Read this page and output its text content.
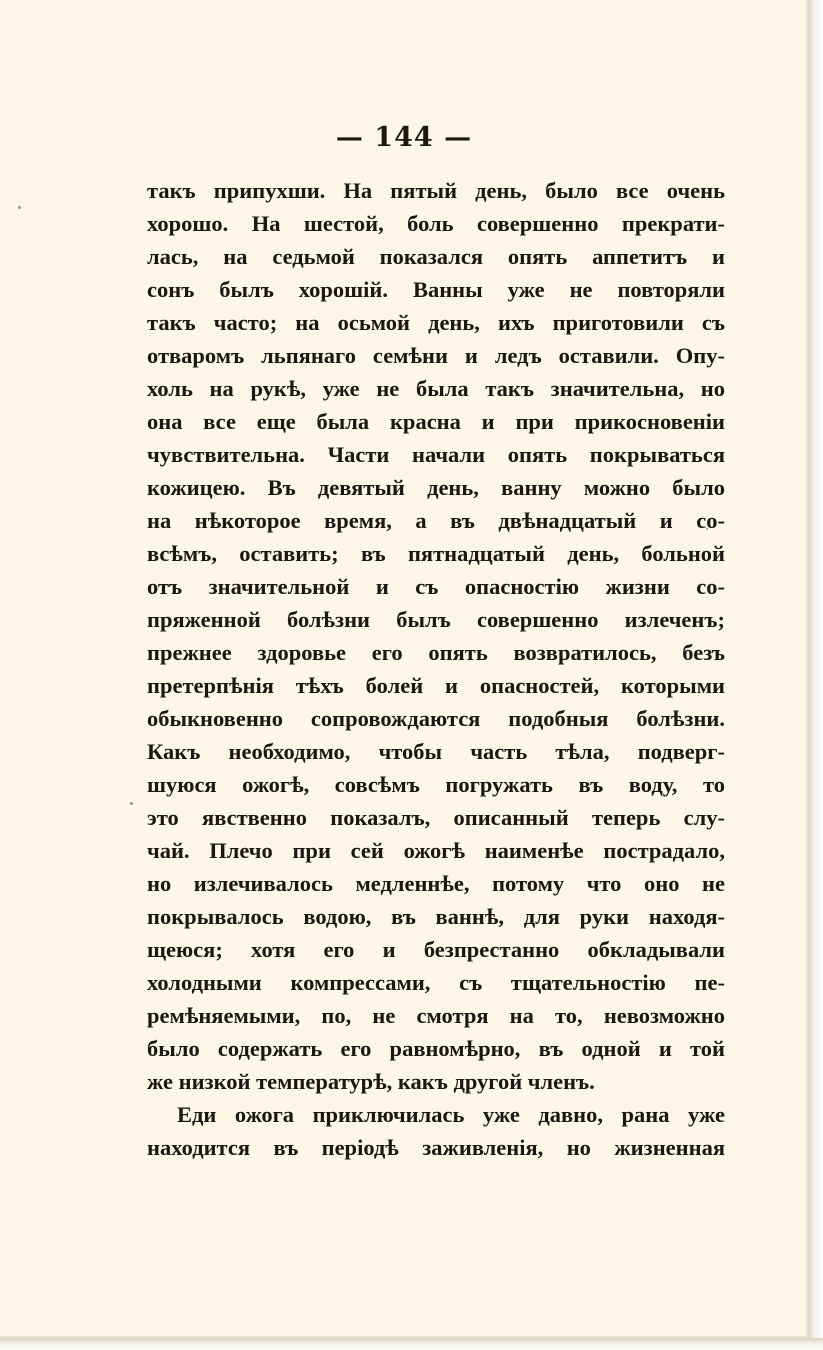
— 144 —
такъ припухши. На пятый день, было все очень
хорошо. На шестой, боль совершенно прекрати-
лась, на седьмой показался опять аппетитъ и
сонъ былъ хорошій. Ванны уже не повторяли
такъ часто; на осьмой день, ихъ приготовили съ
отваромъ льпянаго семѣни и ледъ оставили. Опу-
холь на рукѣ, уже не была такъ значительна, но
она все еще была красна и при прикосновеніи
чувствительна. Части начали опять покрываться
кожицею. Въ девятый день, ванну можно было
на нѣкоторое время, а въ двѣнадцатый и со-
всѣмъ, оставить; въ пятнадцатый день, больной
отъ значительной и съ опасностію жизни со-
пряженной болѣзни былъ совершенно излеченъ;
прежнее здоровье его опять возвратилось, безъ
претерпѣнія тѣхъ болей и опасностей, которыми
обыкновенно сопровождаются подобныя болѣзни.
Какъ необходимо, чтобы часть тѣла, подверг-
шуюся ожогѣ, совсѣмъ погружать въ воду, то
это явственно показалъ, описанный теперь слу-
чай. Плечо при сей ожогѣ наименѣе пострадало,
но излечивалось медленнѣе, потому что оно не
покрывалось водою, въ ваннѣ, для руки находя-
щеюся; хотя его и безпрестанно обкладывали
холодными компрессами, съ тщательностію пе-
ремѣняемыми, по, не смотря на то, невозможно
было содержать его равномѣрно, въ одной и той
же низкой температурѣ, какъ другой членъ.
Еди ожога приключилась уже давно, рана уже
находится въ періодѣ заживленія, но жизненная
